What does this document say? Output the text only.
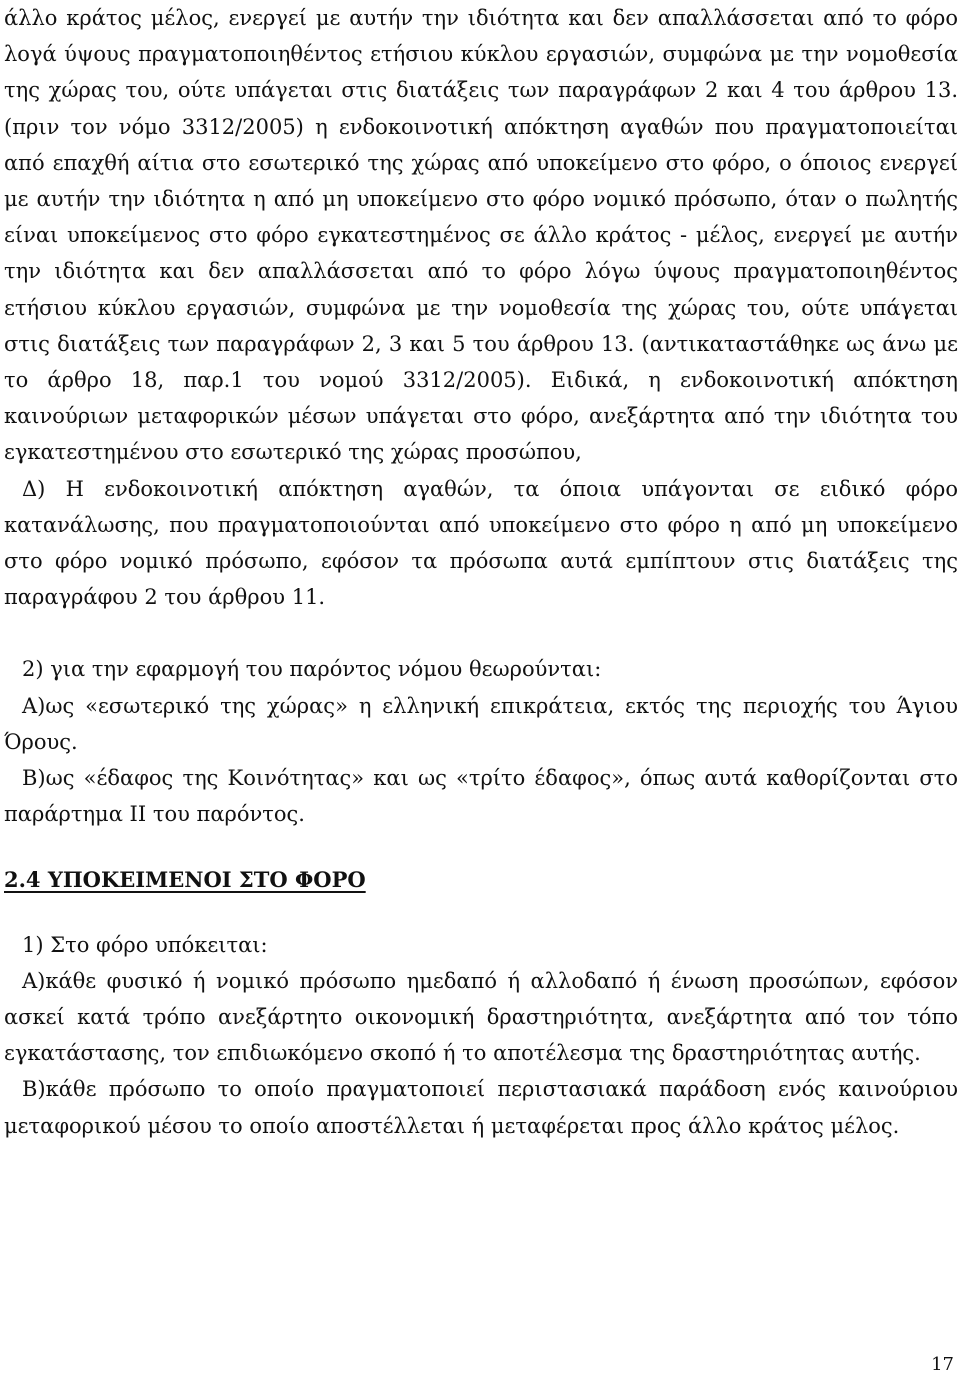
άλλο κράτος μέλος, ενεργεί με αυτήν την ιδιότητα και δεν απαλλάσσεται από το φόρο λογά ύψους πραγματοποιηθέντος ετήσιου κύκλου εργασιών, συμφώνα με την νομοθεσία της χώρας του, ούτε υπάγεται στις διατάξεις των παραγράφων 2 και 4 του άρθρου 13. (πριν τον νόμο 3312/2005) η ενδοκοινοτική απόκτηση αγαθών που πραγματοποιείται από επαχθή αίτια στο εσωτερικό της χώρας από υποκείμενο στο φόρο, ο όποιος ενεργεί με αυτήν την ιδιότητα η από μη υποκείμενο στο φόρο νομικό πρόσωπο, όταν ο πωλητής είναι υποκείμενος στο φόρο εγκατεστημένος σε άλλο κράτος - μέλος, ενεργεί με αυτήν την ιδιότητα και δεν απαλλάσσεται από το φόρο λόγω ύψους πραγματοποιηθέντος ετήσιου κύκλου εργασιών, συμφώνα με την νομοθεσία της χώρας του, ούτε υπάγεται στις διατάξεις των παραγράφων 2, 3 και 5 του άρθρου 13. (αντικαταστάθηκε ως άνω με το άρθρο 18, παρ.1 του νομού 3312/2005). Ειδικά, η ενδοκοινοτική απόκτηση καινούριων μεταφορικών μέσων υπάγεται στο φόρο, ανεξάρτητα από την ιδιότητα του εγκατεστημένου στο εσωτερικό της χώρας προσώπου,

Δ) Η ενδοκοινοτική απόκτηση αγαθών, τα όποια υπάγονται σε ειδικό φόρο κατανάλωσης, που πραγματοποιούνται από υποκείμενο στο φόρο η από μη υποκείμενο στο φόρο νομικό πρόσωπο, εφόσον τα πρόσωπα αυτά εμπίπτουν στις διατάξεις της παραγράφου 2 του άρθρου 11.

2) για την εφαρμογή του παρόντος νόμου θεωρούνται:

Α)ως «εσωτερικό της χώρας» η ελληνική επικράτεια, εκτός της περιοχής του Άγιου Όρους.

Β)ως «έδαφος της Κοινότητας» και ως «τρίτο έδαφος», όπως αυτά καθορίζονται στο παράρτημα ΙΙ του παρόντος.

2.4 ΥΠΟΚΕΙΜΕΝΟΙ ΣΤΟ ΦΟΡΟ

1) Στο φόρο υπόκειται:

Α)κάθε φυσικό ή νομικό πρόσωπο ημεδαπό ή αλλοδαπό ή ένωση προσώπων, εφόσον ασκεί κατά τρόπο ανεξάρτητο οικονομική δραστηριότητα, ανεξάρτητα από τον τόπο εγκατάστασης, τον επιδιωκόμενο σκοπό ή το αποτέλεσμα της δραστηριότητας αυτής.

Β)κάθε πρόσωπο το οποίο πραγματοποιεί περιστασιακά παράδοση ενός καινούριου μεταφορικού μέσου το οποίο αποστέλλεται ή μεταφέρεται προς άλλο κράτος μέλος.

17
